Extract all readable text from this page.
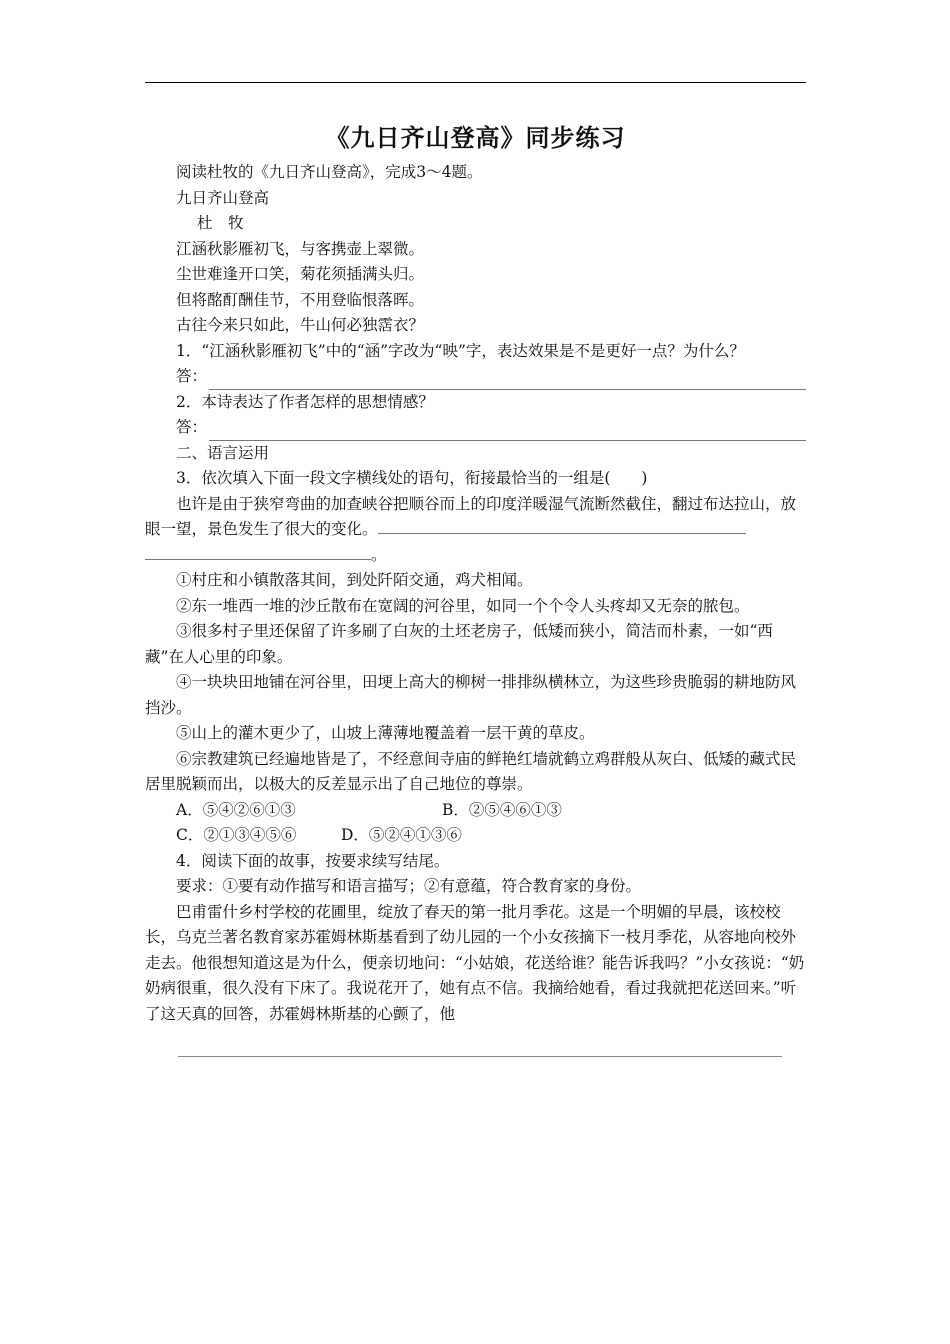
《九日齐山登高》同步练习

阅读杜牧的《九日齐山登高》，完成3～4题。

九日齐山登高

杜　牧

江涵秋影雁初飞，与客携壶上翠微。

尘世难逢开口笑，菊花须插满头归。

但将酩酊酬佳节，不用登临恨落晖。

古往今来只如此，牛山何必独霑衣？

1．“江涵秋影雁初飞”中的“涵”字改为“映”字，表达效果是不是更好一点？为什么？

答：

2．本诗表达了作者怎样的思想情感？

答：

二、语言运用

3．依次填入下面一段文字横线处的语句，衔接最恰当的一组是(　　)

也许是由于狭窄弯曲的加查峡谷把顺谷而上的印度洋暖湿气流断然截住，翻过布达拉山，放眼一望，景色发生了很大的变化。

。

①村庄和小镇散落其间，到处阡陌交通，鸡犬相闻。

②东一堆西一堆的沙丘散布在宽阔的河谷里，如同一个个令人头疼却又无奈的脓包。

③很多村子里还保留了许多刷了白灰的土坯老房子，低矮而狭小，简洁而朴素，一如“西藏”在人心里的印象。

④一块块田地铺在河谷里，田埂上高大的柳树一排排纵横林立，为这些珍贵脆弱的耕地防风挡沙。

⑤山上的灌木更少了，山坡上薄薄地覆盖着一层干黄的草皮。

⑥宗教建筑已经遍地皆是了，不经意间寺庙的鲜艳红墙就鹤立鸡群般从灰白、低矮的藏式民居里脱颖而出，以极大的反差显示出了自己地位的尊崇。

A．⑤④②⑥①③	B．②⑤④⑥①③
C．②①③④⑤⑥	D．⑤②④①③⑥

4．阅读下面的故事，按要求续写结尾。

要求：①要有动作描写和语言描写；②有意蕴，符合教育家的身份。

巴甫雷什乡村学校的花圃里，绽放了春天的第一批月季花。这是一个明媚的早晨，该校校长，乌克兰著名教育家苏霍姆林斯基看到了幼儿园的一个小女孩摘下一枝月季花，从容地向校外走去。他很想知道这是为什么，便亲切地问：“小姑娘，花送给谁？能告诉我吗？”小女孩说：“奶奶病很重，很久没有下床了。我说花开了，她有点不信。我摘给她看，看过我就把花送回来。”听了这天真的回答，苏霍姆林斯基的心颤了，他
